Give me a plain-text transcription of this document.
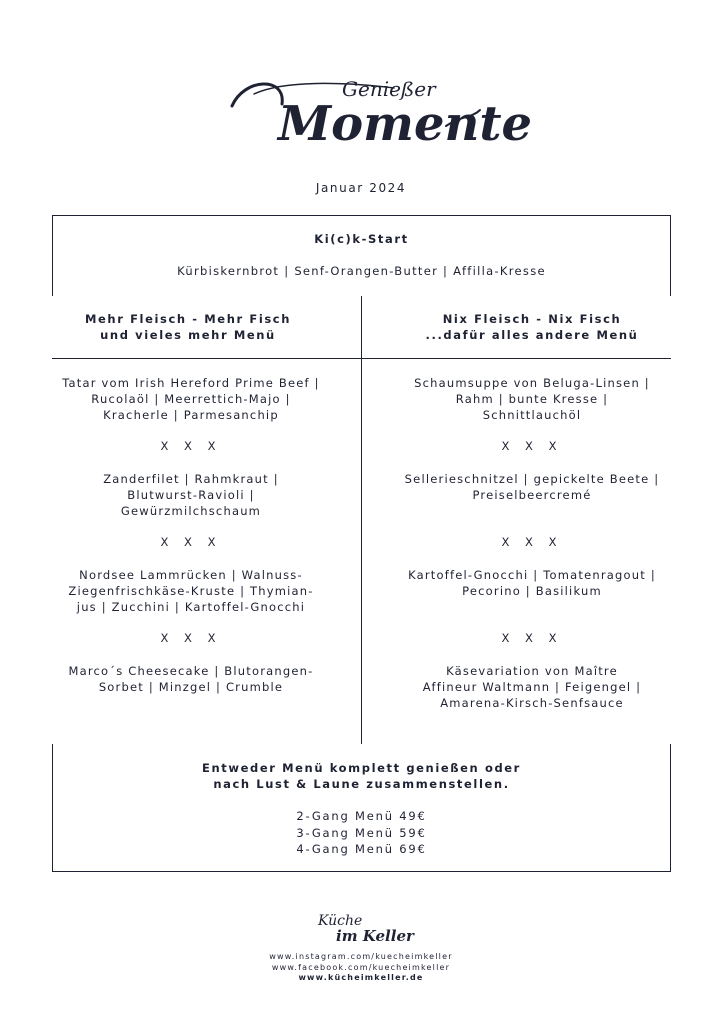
Genießer
Momente
Januar 2024
Ki(c)k-Start
Kürbiskernbrot | Senf-Orangen-Butter | Affilla-Kresse
Mehr Fleisch - Mehr Fisch
und vieles mehr Menü
Nix Fleisch - Nix Fisch
...dafür alles andere Menü
Tatar vom Irish Hereford Prime Beef |
Rucolaöl | Meerrettich-Majo |
Kracherle | Parmesanchip
X X X
Zanderfilet | Rahmkraut |
Blutwurst-Ravioli |
Gewürzmilchschaum
X X X
Nordsee Lammrücken | Walnuss-
Ziegenfrischkäse-Kruste | Thymian-
jus | Zucchini | Kartoffel-Gnocchi
X X X
Marco´s Cheesecake | Blutorangen-
Sorbet | Minzgel | Crumble
Schaumsuppe von Beluga-Linsen |
Rahm | bunte Kresse |
Schnittlauchöl
X X X
Sellerieschnitzel | gepickelte Beete |
Preiselbeercremé
X X X
Kartoffel-Gnocchi | Tomatenragout |
Pecorino | Basilikum
X X X
Käsevariation von Maître
Affineur Waltmann | Feigengel |
Amarena-Kirsch-Senfsauce
Entweder Menü komplett genießen oder
nach Lust & Laune zusammenstellen.
2-Gang Menü 49€
3-Gang Menü 59€
4-Gang Menü 69€
Küche
im Keller
www.instagram.com/kuecheimkeller
www.facebook.com/kuecheimkeller
www.kücheimkeller.de
